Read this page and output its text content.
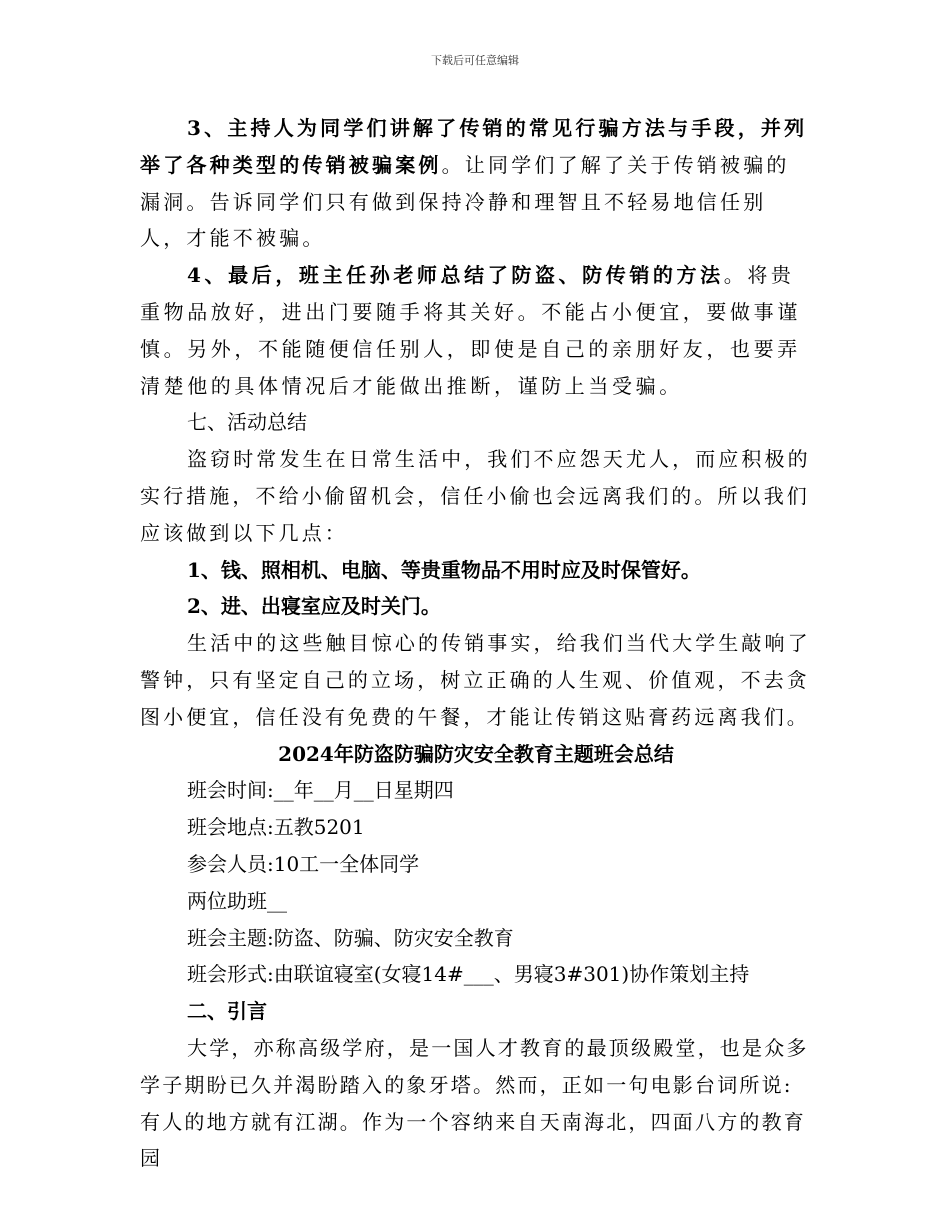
下载后可任意编辑

3、主持人为同学们讲解了传销的常见行骗方法与手段，并列举了各种类型的传销被骗案例。让同学们了解了关于传销被骗的漏洞。告诉同学们只有做到保持冷静和理智且不轻易地信任别人，才能不被骗。

4、最后，班主任孙老师总结了防盗、防传销的方法。将贵重物品放好，进出门要随手将其关好。不能占小便宜，要做事谨慎。另外，不能随便信任别人，即使是自己的亲朋好友，也要弄清楚他的具体情况后才能做出推断，谨防上当受骗。

七、活动总结

盗窃时常发生在日常生活中，我们不应怨天尤人，而应积极的实行措施，不给小偷留机会，信任小偷也会远离我们的。所以我们应该做到以下几点：

1、钱、照相机、电脑、等贵重物品不用时应及时保管好。

2、进、出寝室应及时关门。

生活中的这些触目惊心的传销事实，给我们当代大学生敲响了警钟，只有坚定自己的立场，树立正确的人生观、价值观，不去贪图小便宜，信任没有免费的午餐，才能让传销这贴膏药远离我们。

2024年防盗防骗防灾安全教育主题班会总结

班会时间:__年__月__日星期四

班会地点:五教5201

参会人员:10工一全体同学

两位助班__

班会主题:防盗、防骗、防灾安全教育

班会形式:由联谊寝室(女寝14#___、男寝3#301)协作策划主持

二、引言

大学，亦称高级学府，是一国人才教育的最顶级殿堂，也是众多学子期盼已久并渴盼踏入的象牙塔。然而，正如一句电影台词所说:有人的地方就有江湖。作为一个容纳来自天南海北，四面八方的教育园
